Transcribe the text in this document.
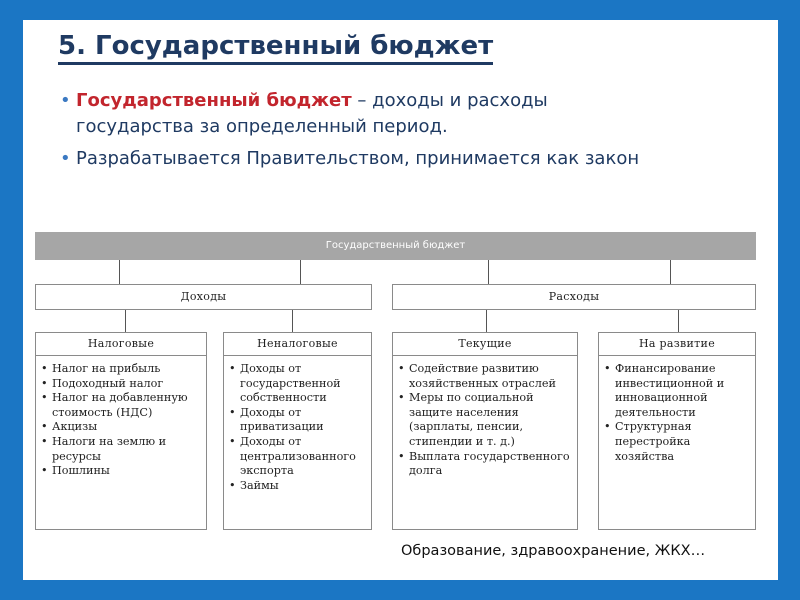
5. Государственный бюджет
• Государственный бюджет – доходы и расходы государства за определенный период.
• Разрабатывается Правительством, принимается как закон
Государственный бюджет
Доходы	Расходы
Налоговые
• Налог на прибыль
• Подоходный налог
• Налог на добавленную стоимость (НДС)
• Акцизы
• Налоги на землю и ресурсы
• Пошлины
Неналоговые
• Доходы от государственной собственности
• Доходы от приватизации
• Доходы от централизованного экспорта
• Займы
Текущие
• Содействие развитию хозяйственных отраслей
• Меры по социальной защите населения (зарплаты, пенсии, стипендии и т. д.)
• Выплата государственного долга
На развитие
• Финансирование инвестиционной и инновационной деятельности
• Структурная перестройка хозяйства
Образование, здравоохранение, ЖКХ…
